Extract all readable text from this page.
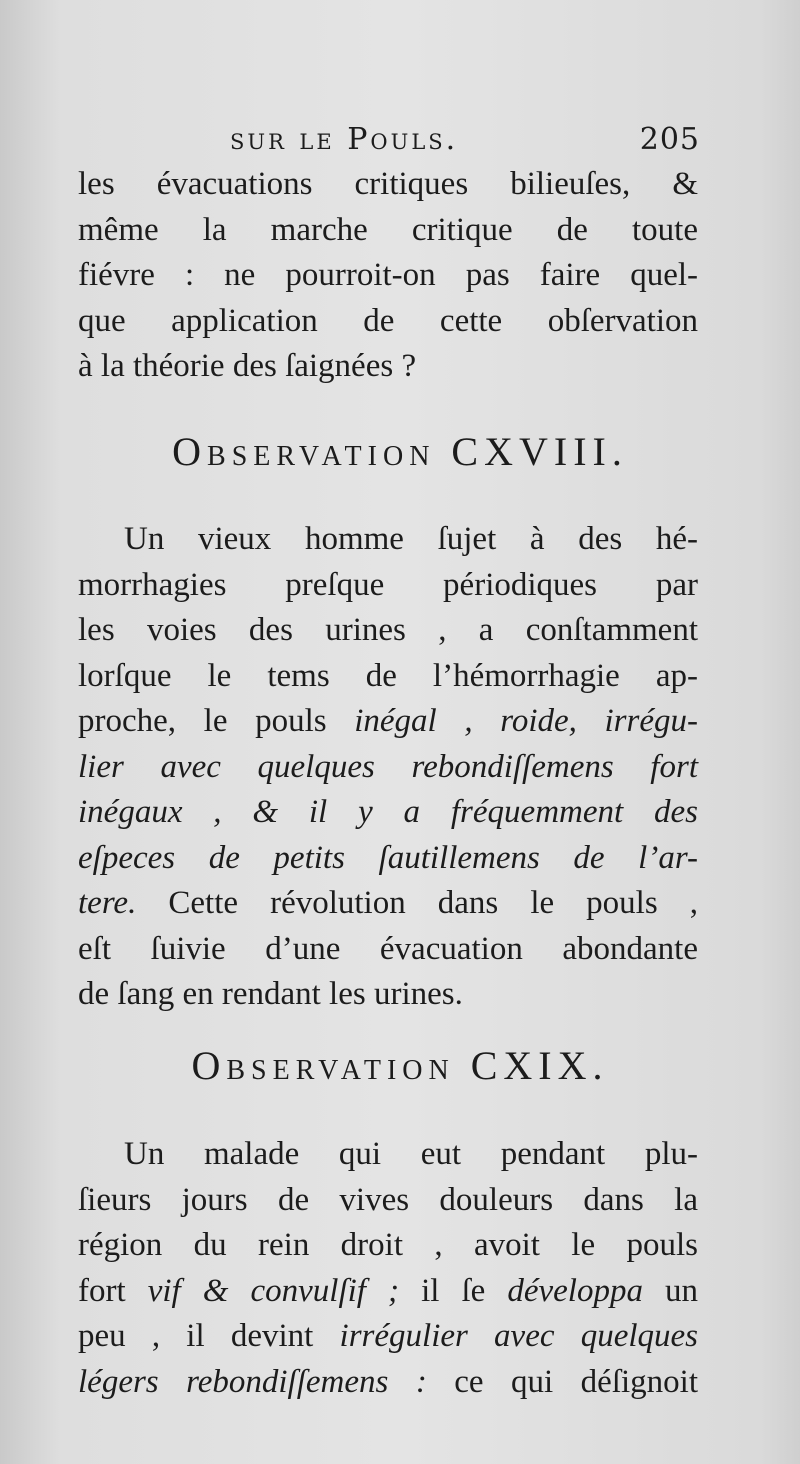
sur le Pouls.	205
les évacuations critiques bilieuſes, &
même la marche critique de toute
fiévre : ne pourroit-on pas faire quel-
que application de cette obſervation
à la théorie des ſaignées ?
Observation CXVIII.
Un vieux homme ſujet à des hé-
morrhagies preſque périodiques par
les voies des urines , a conſtamment
lorſque le tems de l’hémorrhagie ap-
proche, le pouls inégal , roide, irrégu-
lier avec quelques rebondiſſemens fort
inégaux , & il y a fréquemment des
eſpeces de petits ſautillemens de l’ar-
tere. Cette révolution dans le pouls ,
eſt ſuivie d’une évacuation abondante
de ſang en rendant les urines.
Observation CXIX.
Un malade qui eut pendant plu-
ſieurs jours de vives douleurs dans la
région du rein droit , avoit le pouls
fort vif & convulſif ; il ſe développa un
peu , il devint irrégulier avec quelques
légers rebondiſſemens : ce qui déſignoit
